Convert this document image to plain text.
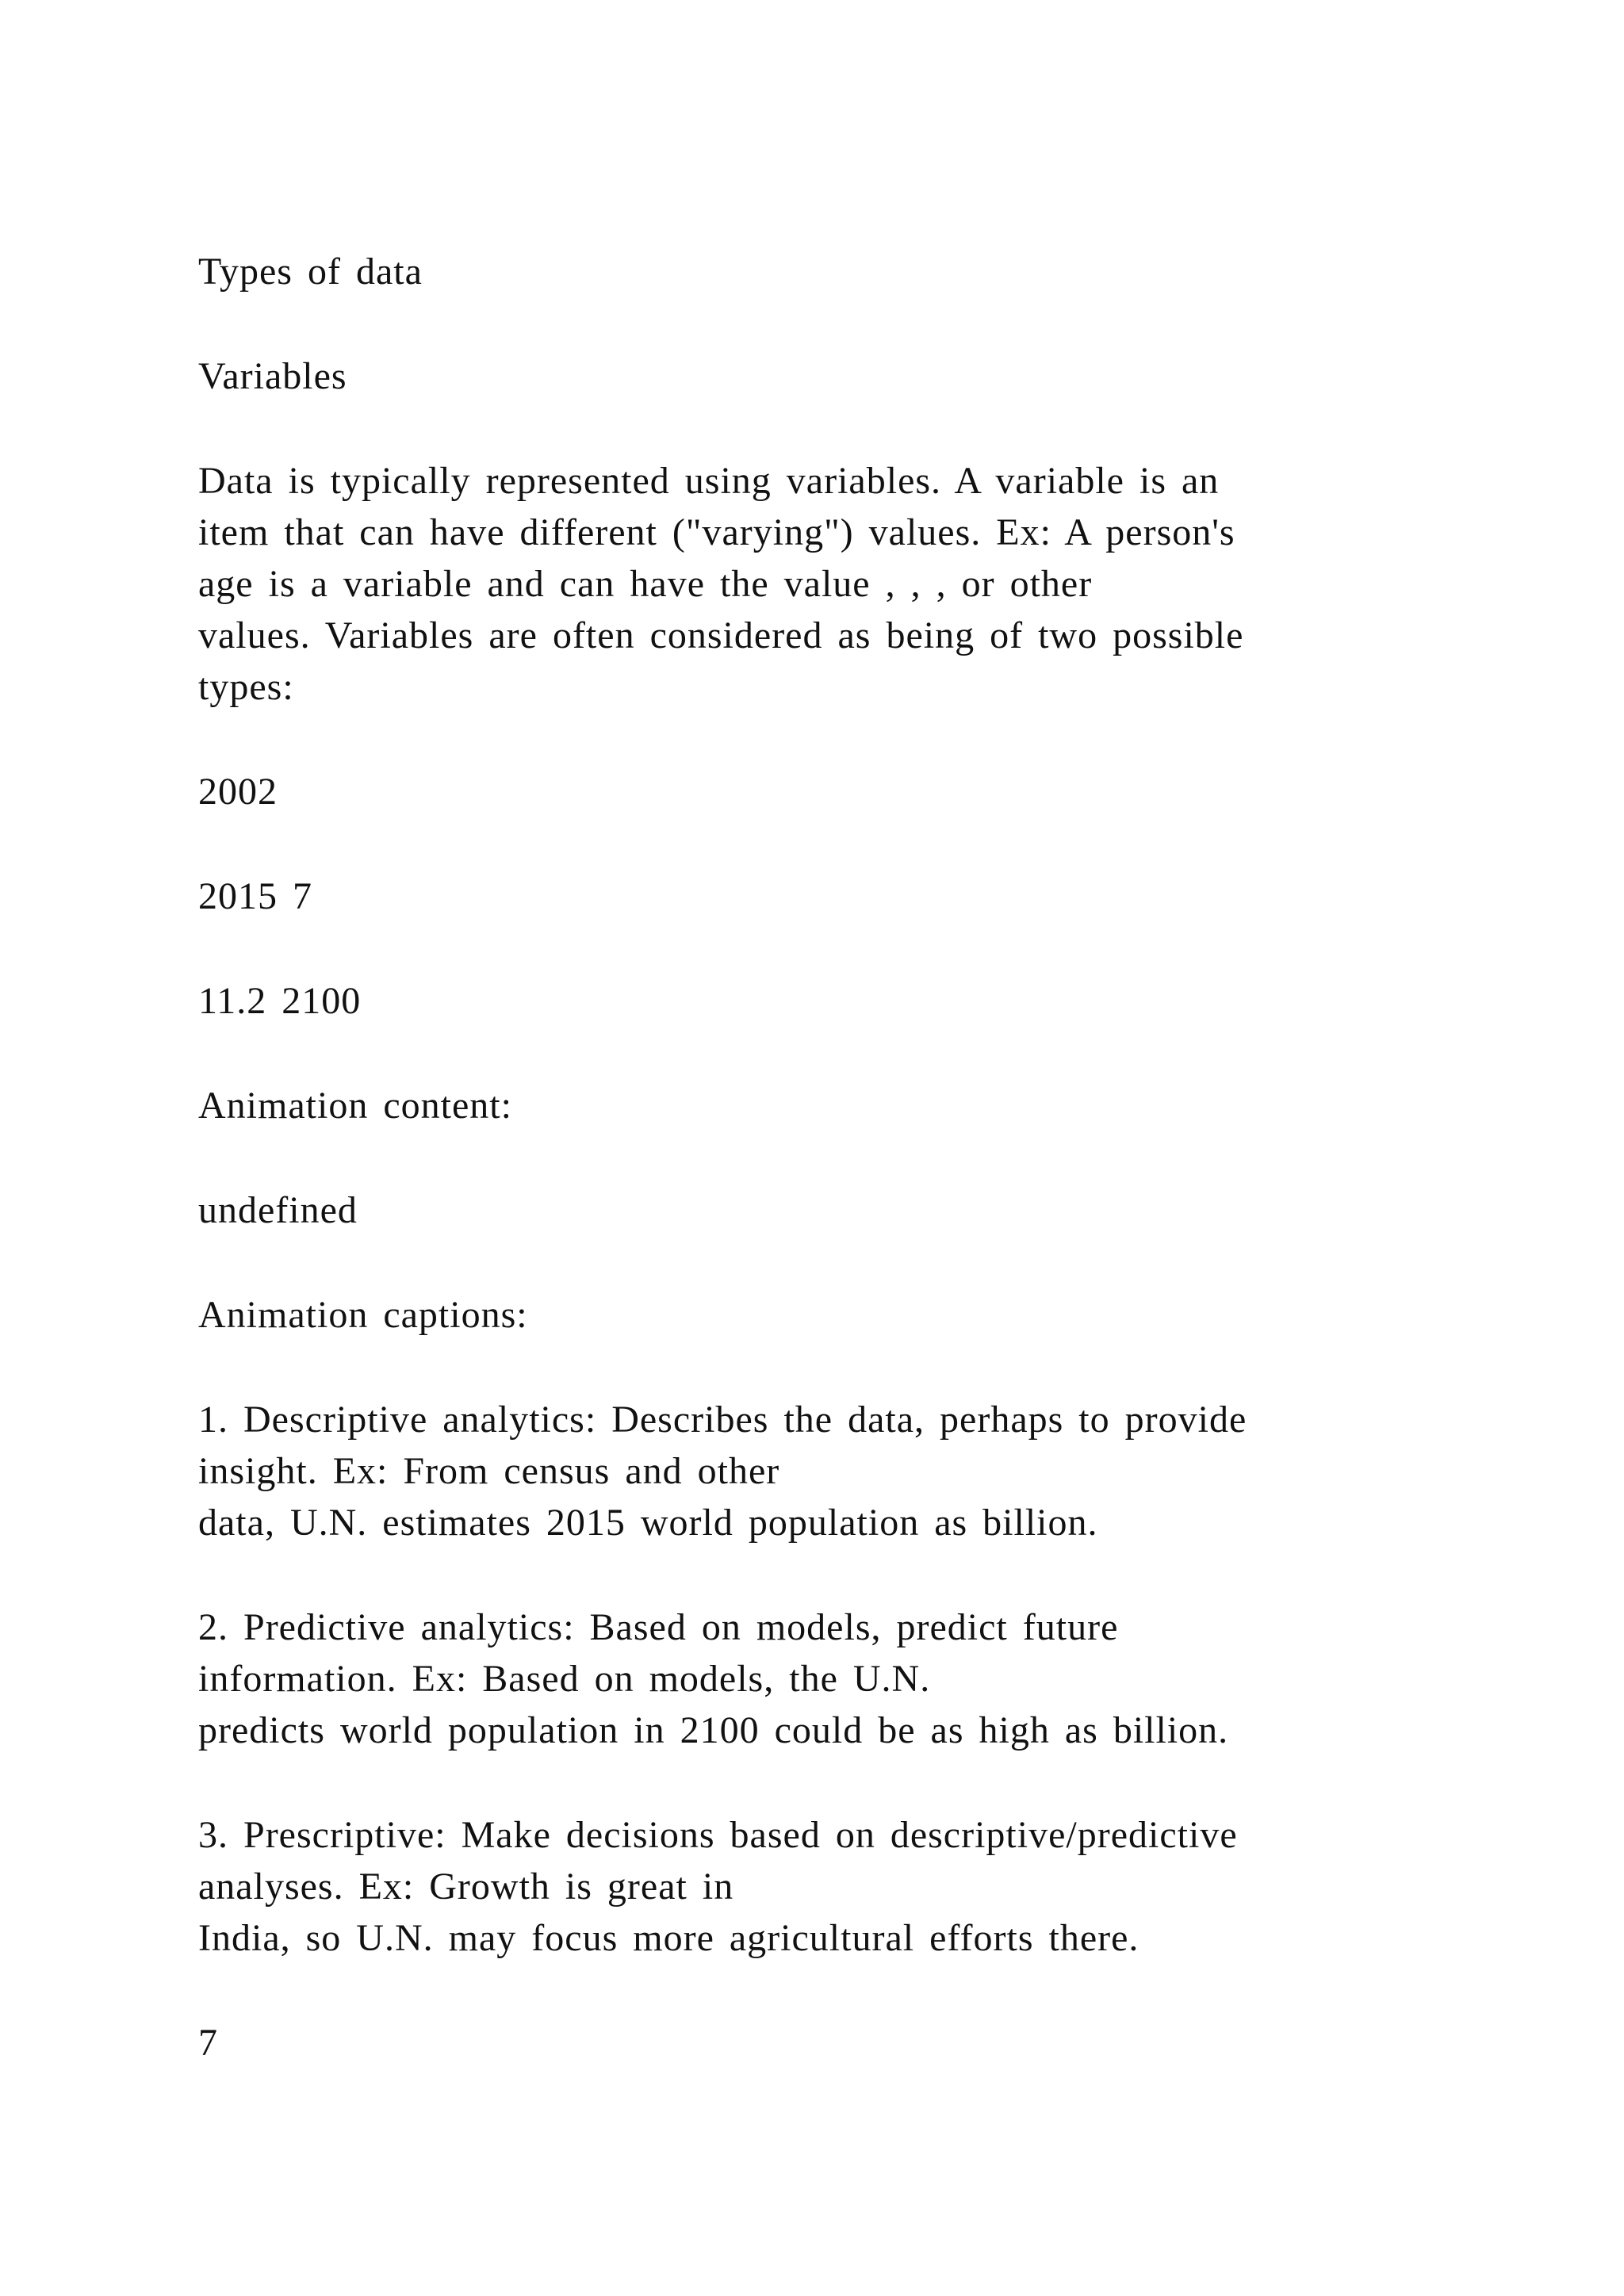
Types of data

Variables

Data is typically represented using variables. A variable is an
item that can have different ("varying") values. Ex: A person's
age is a variable and can have the value , , , or other
values. Variables are often considered as being of two possible
types:

2002

2015 7

11.2 2100

Animation content:

undefined

Animation captions:

1. Descriptive analytics: Describes the data, perhaps to provide
insight. Ex: From census and other
data, U.N. estimates 2015 world population as billion.

2. Predictive analytics: Based on models, predict future
information. Ex: Based on models, the U.N.
predicts world population in 2100 could be as high as billion.

3. Prescriptive: Make decisions based on descriptive/predictive
analyses. Ex: Growth is great in
India, so U.N. may focus more agricultural efforts there.

7
